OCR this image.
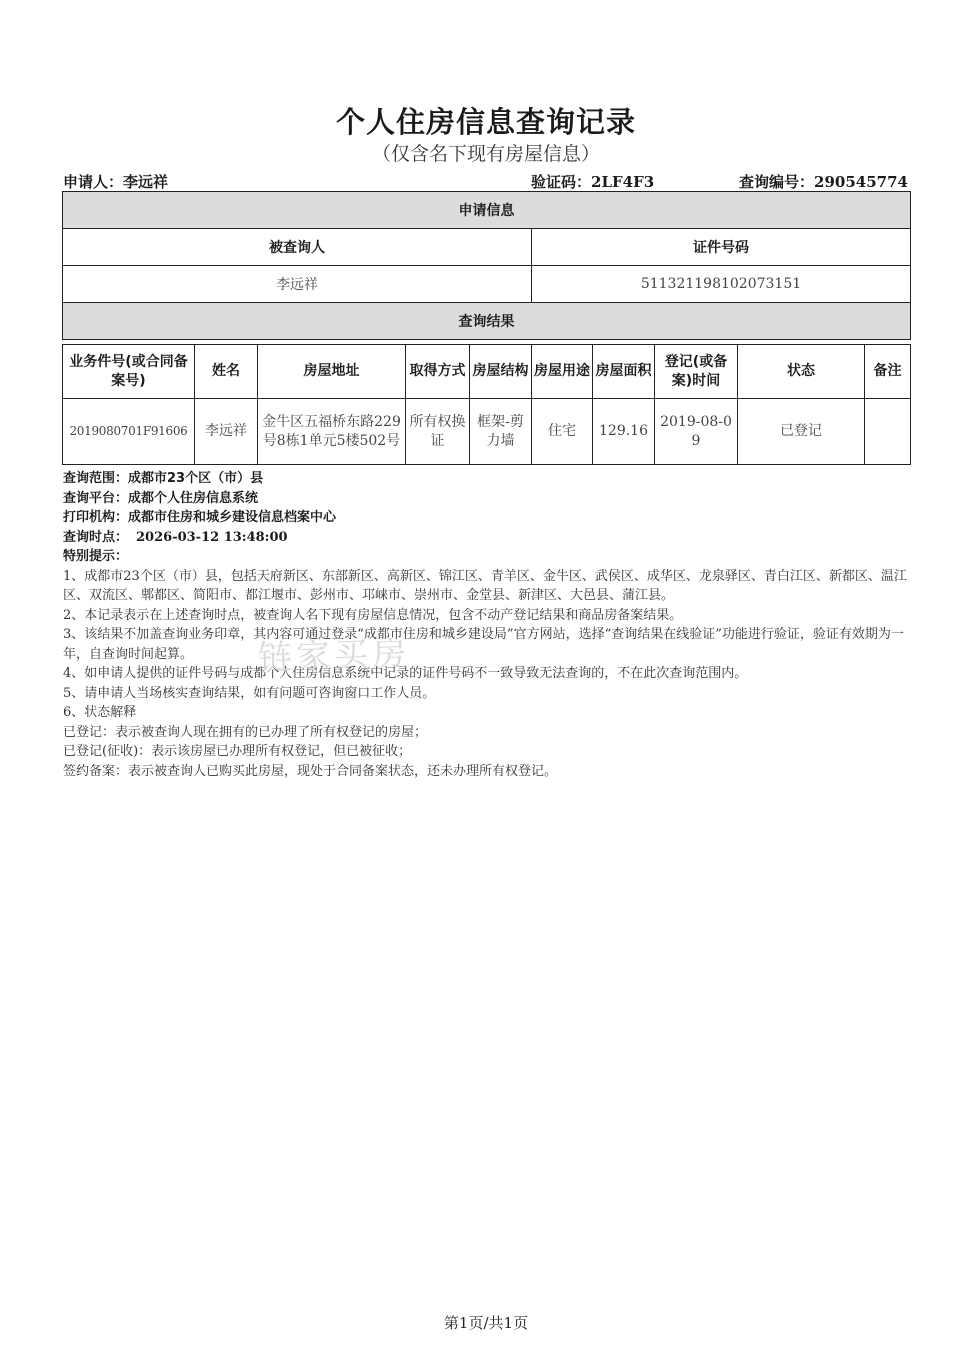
个人住房信息查询记录
（仅含名下现有房屋信息）
申请人：李远祥	验证码：2LF4F3	查询编号：290545774
申请信息	
被查询人	证件号码
李远祥	511321198102073151
查询结果	
业务件号(或合同备案号)	姓名	房屋地址	取得方式	房屋结构	房屋用途	房屋面积	登记(或备案)时间	状态	备注
2019080701F91606	李远祥	金牛区五福桥东路229号8栋1单元5楼502号	所有权换证	框架-剪力墙	住宅	129.16	2019-08-09	已登记	

查询范围：成都市23个区（市）县

查询平台：成都个人住房信息系统

打印机构：成都市住房和城乡建设信息档案中心

查询时点： 2026-03-12 13:48:00

特别提示：

1、成都市23个区（市）县，包括天府新区、东部新区、高新区、锦江区、青羊区、金牛区、武侯区、成华区、龙泉驿区、青白江区、新都区、温江区、双流区、郫都区、简阳市、都江堰市、彭州市、邛崃市、崇州市、金堂县、新津区、大邑县、蒲江县。

2、本记录表示在上述查询时点，被查询人名下现有房屋信息情况，包含不动产登记结果和商品房备案结果。

3、该结果不加盖查询业务印章，其内容可通过登录“成都市住房和城乡建设局”官方网站，选择“查询结果在线验证”功能进行验证，验证有效期为一年，自查询时间起算。

4、如申请人提供的证件号码与成都个人住房信息系统中记录的证件号码不一致导致无法查询的，不在此次查询范围内。

5、请申请人当场核实查询结果，如有问题可咨询窗口工作人员。

6、状态解释

已登记：表示被查询人现在拥有的已办理了所有权登记的房屋；

已登记(征收)：表示该房屋已办理所有权登记，但已被征收；

签约备案：表示被查询人已购买此房屋，现处于合同备案状态，还未办理所有权登记。

链家买房
第1页/共1页
